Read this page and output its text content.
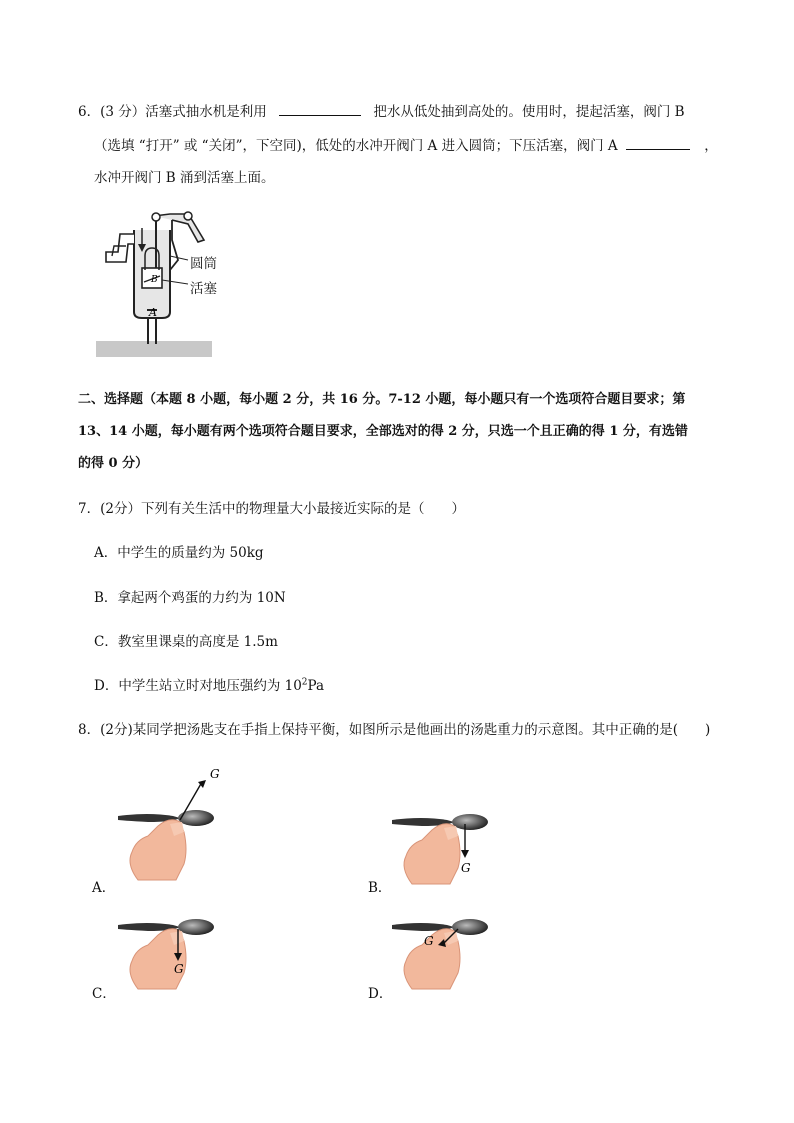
6．(3 分）活塞式抽水机是利用	把水从低处抽到高处的。使用时，提起活塞，阀门 B
（选填 “打开” 或 “关闭”，下空同)，低处的水冲开阀门 A 进入圆筒；下压活塞，阀门 A	，
水冲开阀门 B 涌到活塞上面。
B
A
圆筒
活塞
二、选择题（本题 8 小题，每小题 2 分，共 16 分。7-12 小题，每小题只有一个选项符合题目要求；第
13、14 小题，每小题有两个选项符合题目要求，全部选对的得 2 分，只选一个且正确的得 1 分，有选错
的得 0 分）
7．(2分）下列有关生活中的物理量大小最接近实际的是（　　）
A．中学生的质量约为 50kg
B．拿起两个鸡蛋的力约为 10N
C．教室里课桌的高度是 1.5m
D．中学生站立时对地压强约为 $10^2Pa$
8．(2分)某同学把汤匙支在手指上保持平衡，如图所示是他画出的汤匙重力的示意图。其中正确的是(　　)
G
A．
G
B．
G
C．
G
D．
